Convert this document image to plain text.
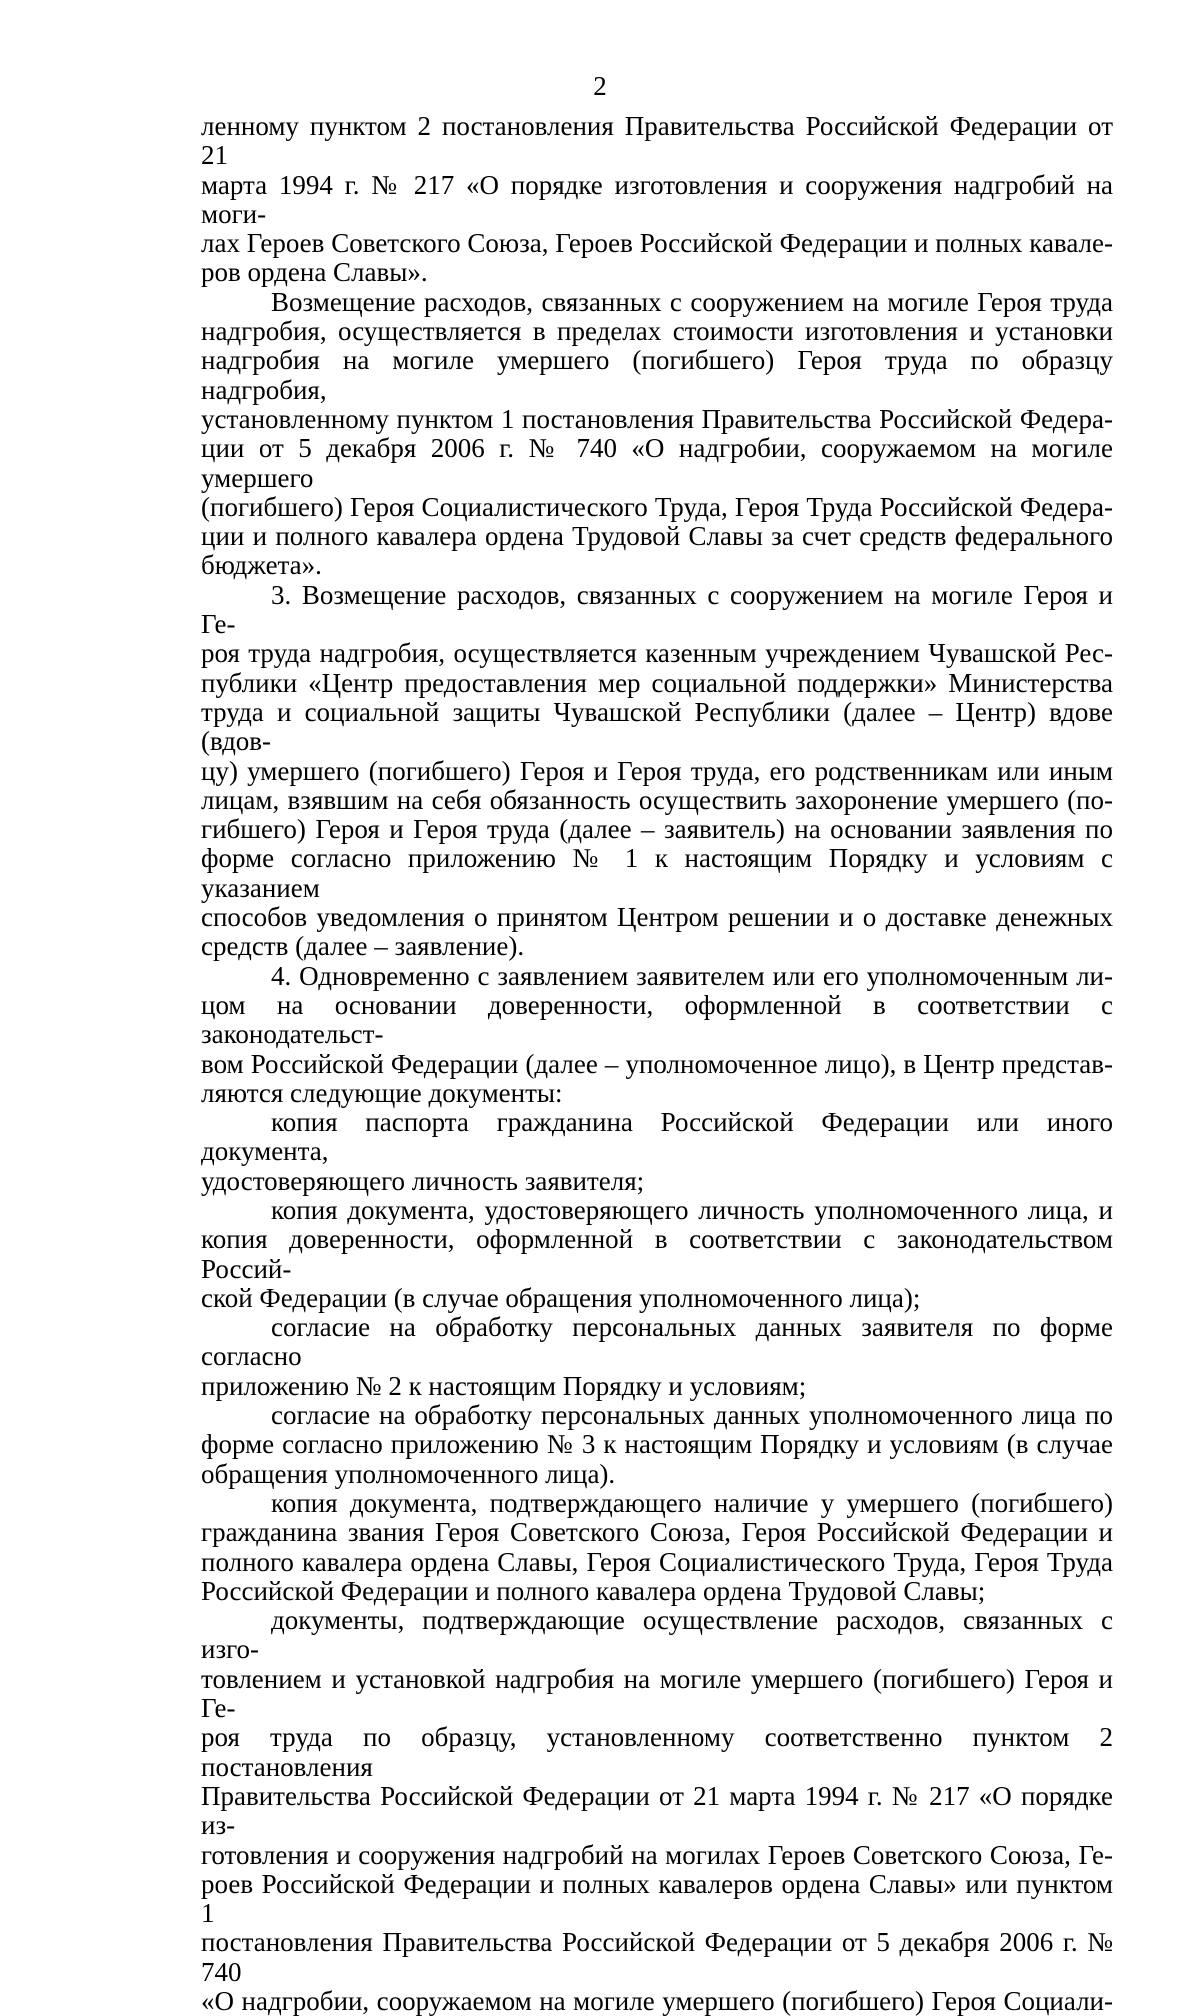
2

ленному пунктом 2 постановления Правительства Российской Федерации от 21

марта 1994 г. № 217 «О порядке изготовления и сооружения надгробий на моги-

лах Героев Советского Союза, Героев Российской Федерации и полных кавале-

ров ордена Славы».

Возмещение расходов, связанных с сооружением на могиле Героя труда

надгробия, осуществляется в пределах стоимости изготовления и установки

надгробия на могиле умершего (погибшего) Героя труда по образцу надгробия,

установленному пунктом 1 постановления Правительства Российской Федера-

ции от 5 декабря 2006 г. № 740 «О надгробии, сооружаемом на могиле умершего

(погибшего) Героя Социалистического Труда, Героя Труда Российской Федера-

ции и полного кавалера ордена Трудовой Славы за счет средств федерального

бюджета».

3. Возмещение расходов, связанных с сооружением на могиле Героя и Ге-

роя труда надгробия, осуществляется казенным учреждением Чувашской Рес-

публики «Центр предоставления мер социальной поддержки» Министерства

труда и социальной защиты Чувашской Республики (далее – Центр) вдове (вдов-

цу) умершего (погибшего) Героя и Героя труда, его родственникам или иным

лицам, взявшим на себя обязанность осуществить захоронение умершего (по-

гибшего) Героя и Героя труда (далее – заявитель) на основании заявления по

форме согласно приложению № 1 к настоящим Порядку и условиям с указанием

способов уведомления о принятом Центром решении и о доставке денежных

средств (далее – заявление).

4. Одновременно с заявлением заявителем или его уполномоченным ли-

цом на основании доверенности, оформленной в соответствии с законодательст-

вом Российской Федерации (далее – уполномоченное лицо), в Центр представ-

ляются следующие документы:

копия паспорта гражданина Российской Федерации или иного документа,

удостоверяющего личность заявителя;

копия документа, удостоверяющего личность уполномоченного лица, и

копия доверенности, оформленной в соответствии с законодательством Россий-

ской Федерации (в случае обращения уполномоченного лица);

согласие на обработку персональных данных заявителя по форме согласно

приложению № 2 к настоящим Порядку и условиям;

согласие на обработку персональных данных уполномоченного лица по

форме согласно приложению № 3 к настоящим Порядку и условиям (в случае

обращения уполномоченного лица).

копия документа, подтверждающего наличие у умершего (погибшего)

гражданина звания Героя Советского Союза, Героя Российской Федерации и

полного кавалера ордена Славы, Героя Социалистического Труда, Героя Труда

Российской Федерации и полного кавалера ордена Трудовой Славы;

документы, подтверждающие осуществление расходов, связанных с изго-

товлением и установкой надгробия на могиле умершего (погибшего) Героя и Ге-

роя труда по образцу, установленному соответственно пунктом 2 постановления

Правительства Российской Федерации от 21 марта 1994 г. № 217 «О порядке из-

готовления и сооружения надгробий на могилах Героев Советского Союза, Ге-

роев Российской Федерации и полных кавалеров ордена Славы» или пунктом 1

постановления Правительства Российской Федерации от 5 декабря 2006 г. № 740

«О надгробии, сооружаемом на могиле умершего (погибшего) Героя Социали-
